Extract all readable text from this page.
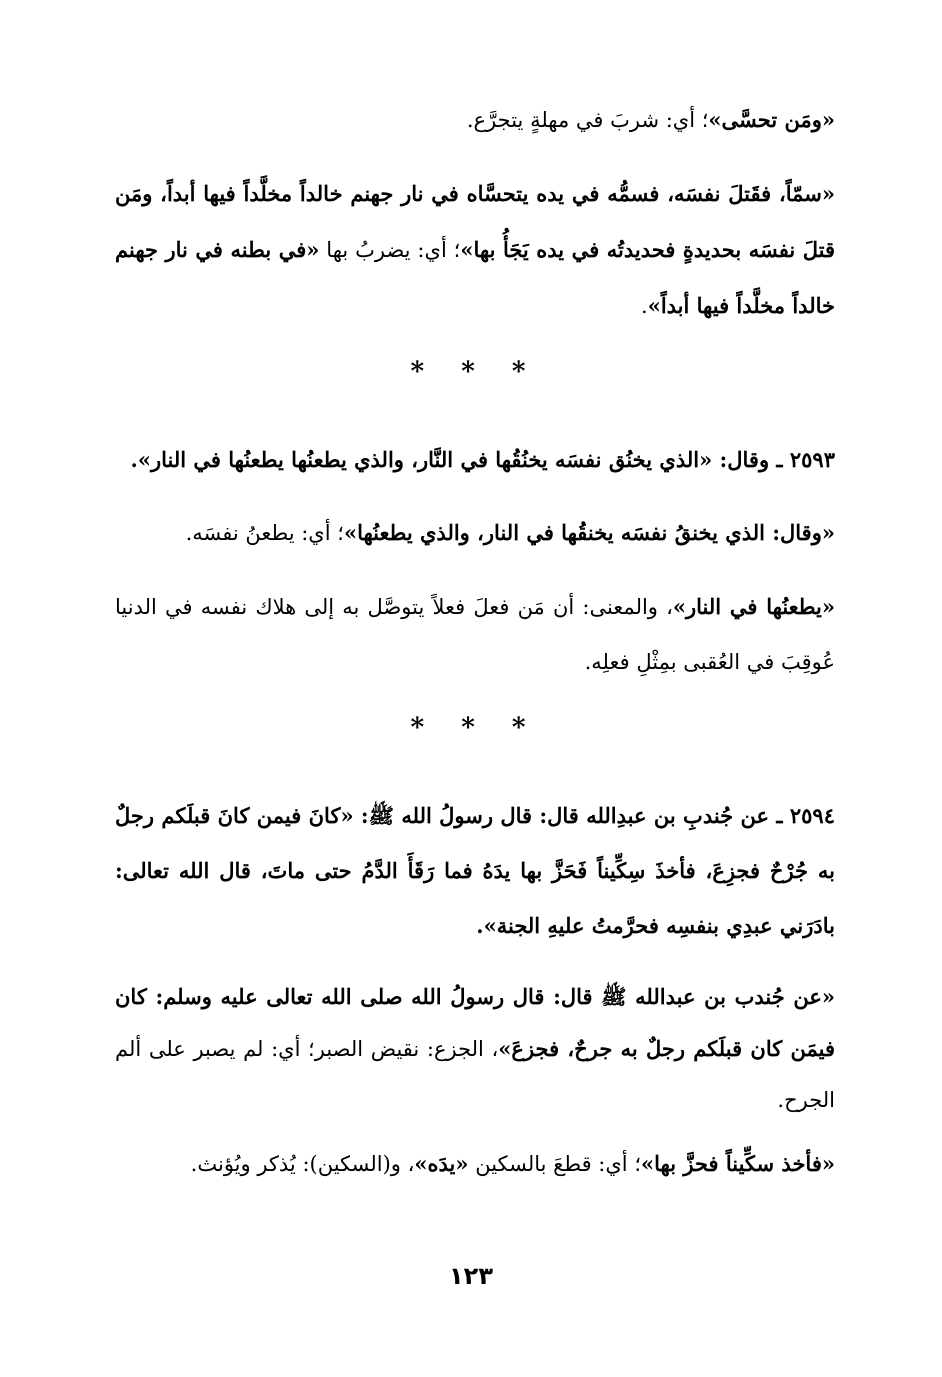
«ومَن تحسَّى»؛ أي: شربَ في مهلةٍ يتجرَّع.

«سمّاً، فقَتلَ نفسَه، فسمُّه في يده يتحسَّاه في نار جهنم خالداً مخلَّداً فيها أبداً، ومَن قتلَ نفسَه بحديدةٍ فحديدتُه في يده يَجَأُ بها»؛ أي: يضربُ بها «في بطنه في نار جهنم خالداً مخلَّداً فيها أبداً».

* * *

٢٥٩٣ ـ وقال: «الذي يخنُق نفسَه يخنُقُها في النَّار، والذي يطعنُها يطعنُها في النار».

«وقال: الذي يخنقُ نفسَه يخنقُها في النار، والذي يطعنُها»؛ أي: يطعنُ نفسَه.

«يطعنُها في النار»، والمعنى: أن مَن فعلَ فعلاً يتوصَّل به إلى هلاك نفسه في الدنيا عُوقِبَ في العُقبى بمِثْلِ فعلِه.

* * *

٢٥٩٤ ـ عن جُندبِ بن عبدِالله قال: قال رسولُ الله ﷺ: «كانَ فيمن كانَ قبلَكم رجلٌ به جُرْحٌ فجزِعَ، فأخذَ سِكِّيناً فَحَزَّ بها يدَهُ فما رَقَأَ الدَّمُ حتى ماتَ، قال الله تعالى: بادَرَني عبدِي بنفسِه فحرَّمتُ عليهِ الجنة».

«عن جُندب بن عبدالله ﷺ قال: قال رسولُ الله صلى الله تعالى عليه وسلم: كان فيمَن كان قبلَكم رجلٌ به جرحٌ، فجزعَ»، الجزع: نقيض الصبر؛ أي: لم يصبر على ألم الجرح.

«فأخذ سكِّيناً فحزَّ بها»؛ أي: قطعَ بالسكين «يدَه»، و(السكين): يُذكر ويُؤنث.

١٢٣
